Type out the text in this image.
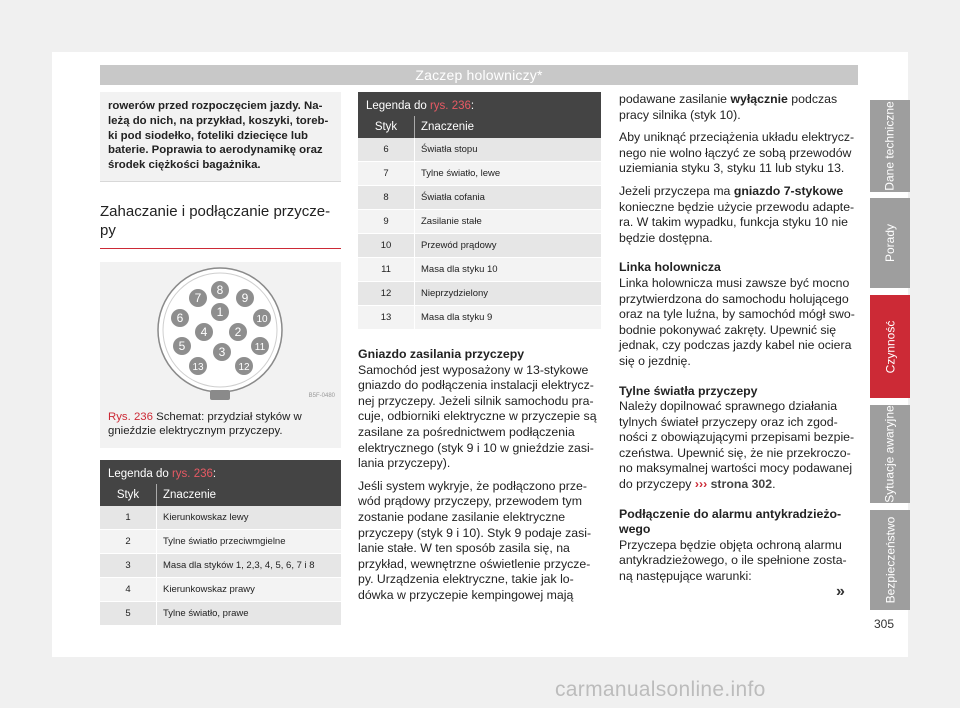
Zaczep holowniczy*
rowerów przed rozpoczęciem jazdy. Na- leżą do nich, na przykład, koszyki, toreb- ki pod siodełko, foteliki dziecięce lub baterie. Poprawia to aerodynamikę oraz środek ciężkości bagażnika.
Zahaczanie i podłączanie przycze- py
1
2
3
4
5
6
7
8
9
10
11
12
13
B5F-0480
Rys. 236 Schemat: przydział styków w gnieździe elektrycznym przyczepy.
Legenda do rys. 236:
Styk	Znaczenie
1	Kierunkowskaz lewy
2	Tylne światło przeciwmgielne
3	Masa dla styków 1, 2,3, 4, 5, 6, 7 i 8
4	Kierunkowskaz prawy
5	Tylne światło, prawe
Legenda do rys. 236:
Styk	Znaczenie
6	Światła stopu
7	Tylne światło, lewe
8	Światła cofania
9	Zasilanie stałe
10	Przewód prądowy
11	Masa dla styku 10
12	Nieprzydzielony
13	Masa dla styku 9
Gniazdo zasilania przyczepy

Samochód jest wyposażony w 13-stykowe gniazdo do podłączenia instalacji elektrycz- nej przyczepy. Jeżeli silnik samochodu pra- cuje, odbiorniki elektryczne w przyczepie są zasilane za pośrednictwem podłączenia elektrycznego (styk 9 i 10 w gnieździe zasi- lania przyczepy).

Jeśli system wykryje, że podłączono prze- wód prądowy przyczepy, przewodem tym zostanie podane zasilanie elektryczne przyczepy (styk 9 i 10). Styk 9 podaje zasi- lanie stałe. W ten sposób zasila się, na przykład, wewnętrzne oświetlenie przycze- py. Urządzenia elektryczne, takie jak lo- dówka w przyczepie kempingowej mają

podawane zasilanie wyłącznie podczas pracy silnika (styk 10).

Aby uniknąć przeciążenia układu elektrycz- nego nie wolno łączyć ze sobą przewodów uziemiania styku 3, styku 11 lub styku 13.

Jeżeli przyczepa ma gniazdo 7-stykowe konieczne będzie użycie przewodu adapte- ra. W takim wypadku, funkcja styku 10 nie będzie dostępna.

Linka holownicza

Linka holownicza musi zawsze być mocno przytwierdzona do samochodu holującego oraz na tyle luźna, by samochód mógł swo- bodnie pokonywać zakręty. Upewnić się jednak, czy podczas jazdy kabel nie ociera się o jezdnię.

Tylne światła przyczepy

Należy dopilnować sprawnego działania tylnych świateł przyczepy oraz ich zgod- ności z obowiązującymi przepisami bezpie- czeństwa. Upewnić się, że nie przekroczo- no maksymalnej wartości mocy podawanej do przyczepy ››› strona 302.

Podłączenie do alarmu antykradzieżo- wego

Przyczepa będzie objęta ochroną alarmu antykradzieżowego, o ile spełnione zosta- ną następujące warunki:

»
Dane techniczne
Porady
Czynność
Sytuacje awaryjne
Bezpieczeństwo
305
carmanualsonline.info
